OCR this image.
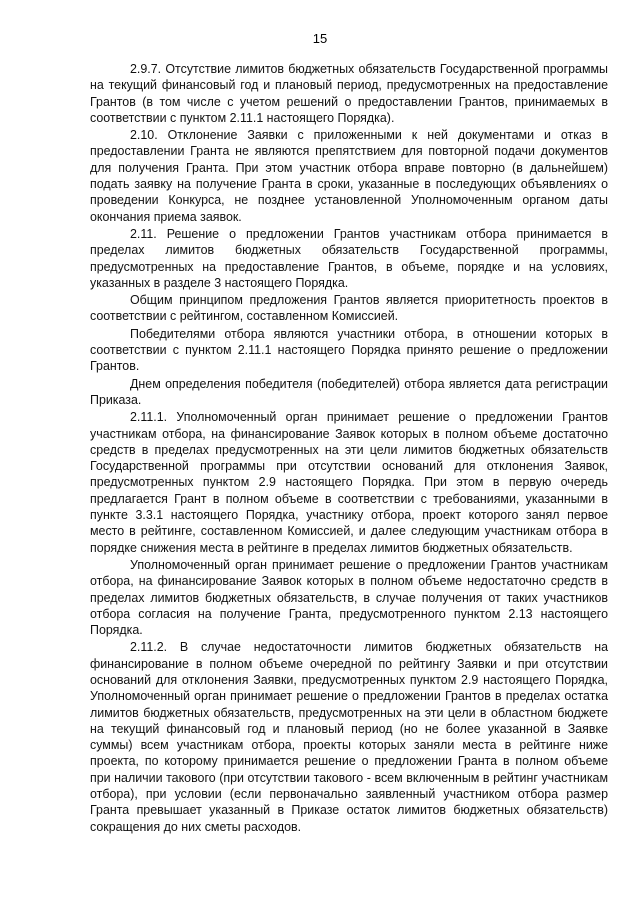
15

2.9.7. Отсутствие лимитов бюджетных обязательств Государственной программы на текущий финансовый год и плановый период, предусмотренных на предоставление Грантов (в том числе с учетом решений о предоставлении Грантов, принимаемых в соответствии с пунктом 2.11.1 настоящего Порядка).

2.10. Отклонение Заявки с приложенными к ней документами и отказ в предоставлении Гранта не являются препятствием для повторной подачи документов для получения Гранта. При этом участник отбора вправе повторно (в дальнейшем) подать заявку на получение Гранта в сроки, указанные в последующих объявлениях о проведении Конкурса, не позднее установленной Уполномоченным органом даты окончания приема заявок.

2.11. Решение о предложении Грантов участникам отбора принимается в пределах лимитов бюджетных обязательств Государственной программы, предусмотренных на предоставление Грантов, в объеме, порядке и на условиях, указанных в разделе 3 настоящего Порядка.

Общим принципом предложения Грантов является приоритетность проектов в соответствии с рейтингом, составленном Комиссией.

Победителями отбора являются участники отбора, в отношении которых в соответствии с пунктом 2.11.1 настоящего Порядка принято решение о предложении Грантов.

Днем определения победителя (победителей) отбора является дата регистрации Приказа.

2.11.1. Уполномоченный орган принимает решение о предложении Грантов участникам отбора, на финансирование Заявок которых в полном объеме достаточно средств в пределах предусмотренных на эти цели лимитов бюджетных обязательств Государственной программы при отсутствии оснований для отклонения Заявок, предусмотренных пунктом 2.9 настоящего Порядка. При этом в первую очередь предлагается Грант в полном объеме в соответствии с требованиями, указанными в пункте 3.3.1 настоящего Порядка, участнику отбора, проект которого занял первое место в рейтинге, составленном Комиссией, и далее следующим участникам отбора в порядке снижения места в рейтинге в пределах лимитов бюджетных обязательств.

Уполномоченный орган принимает решение о предложении Грантов участникам отбора, на финансирование Заявок которых в полном объеме недостаточно средств в пределах лимитов бюджетных обязательств, в случае получения от таких участников отбора согласия на получение Гранта, предусмотренного пунктом 2.13 настоящего Порядка.

2.11.2. В случае недостаточности лимитов бюджетных обязательств на финансирование в полном объеме очередной по рейтингу Заявки и при отсутствии оснований для отклонения Заявки, предусмотренных пунктом 2.9 настоящего Порядка, Уполномоченный орган принимает решение о предложении Грантов в пределах остатка лимитов бюджетных обязательств, предусмотренных на эти цели в областном бюджете на текущий финансовый год и плановый период (но не более указанной в Заявке суммы) всем участникам отбора, проекты которых заняли места в рейтинге ниже проекта, по которому принимается решение о предложении Гранта в полном объеме при наличии такового (при отсутствии такового - всем включенным в рейтинг участникам отбора), при условии (если первоначально заявленный участником отбора размер Гранта превышает указанный в Приказе остаток лимитов бюджетных обязательств) сокращения до них сметы расходов.
